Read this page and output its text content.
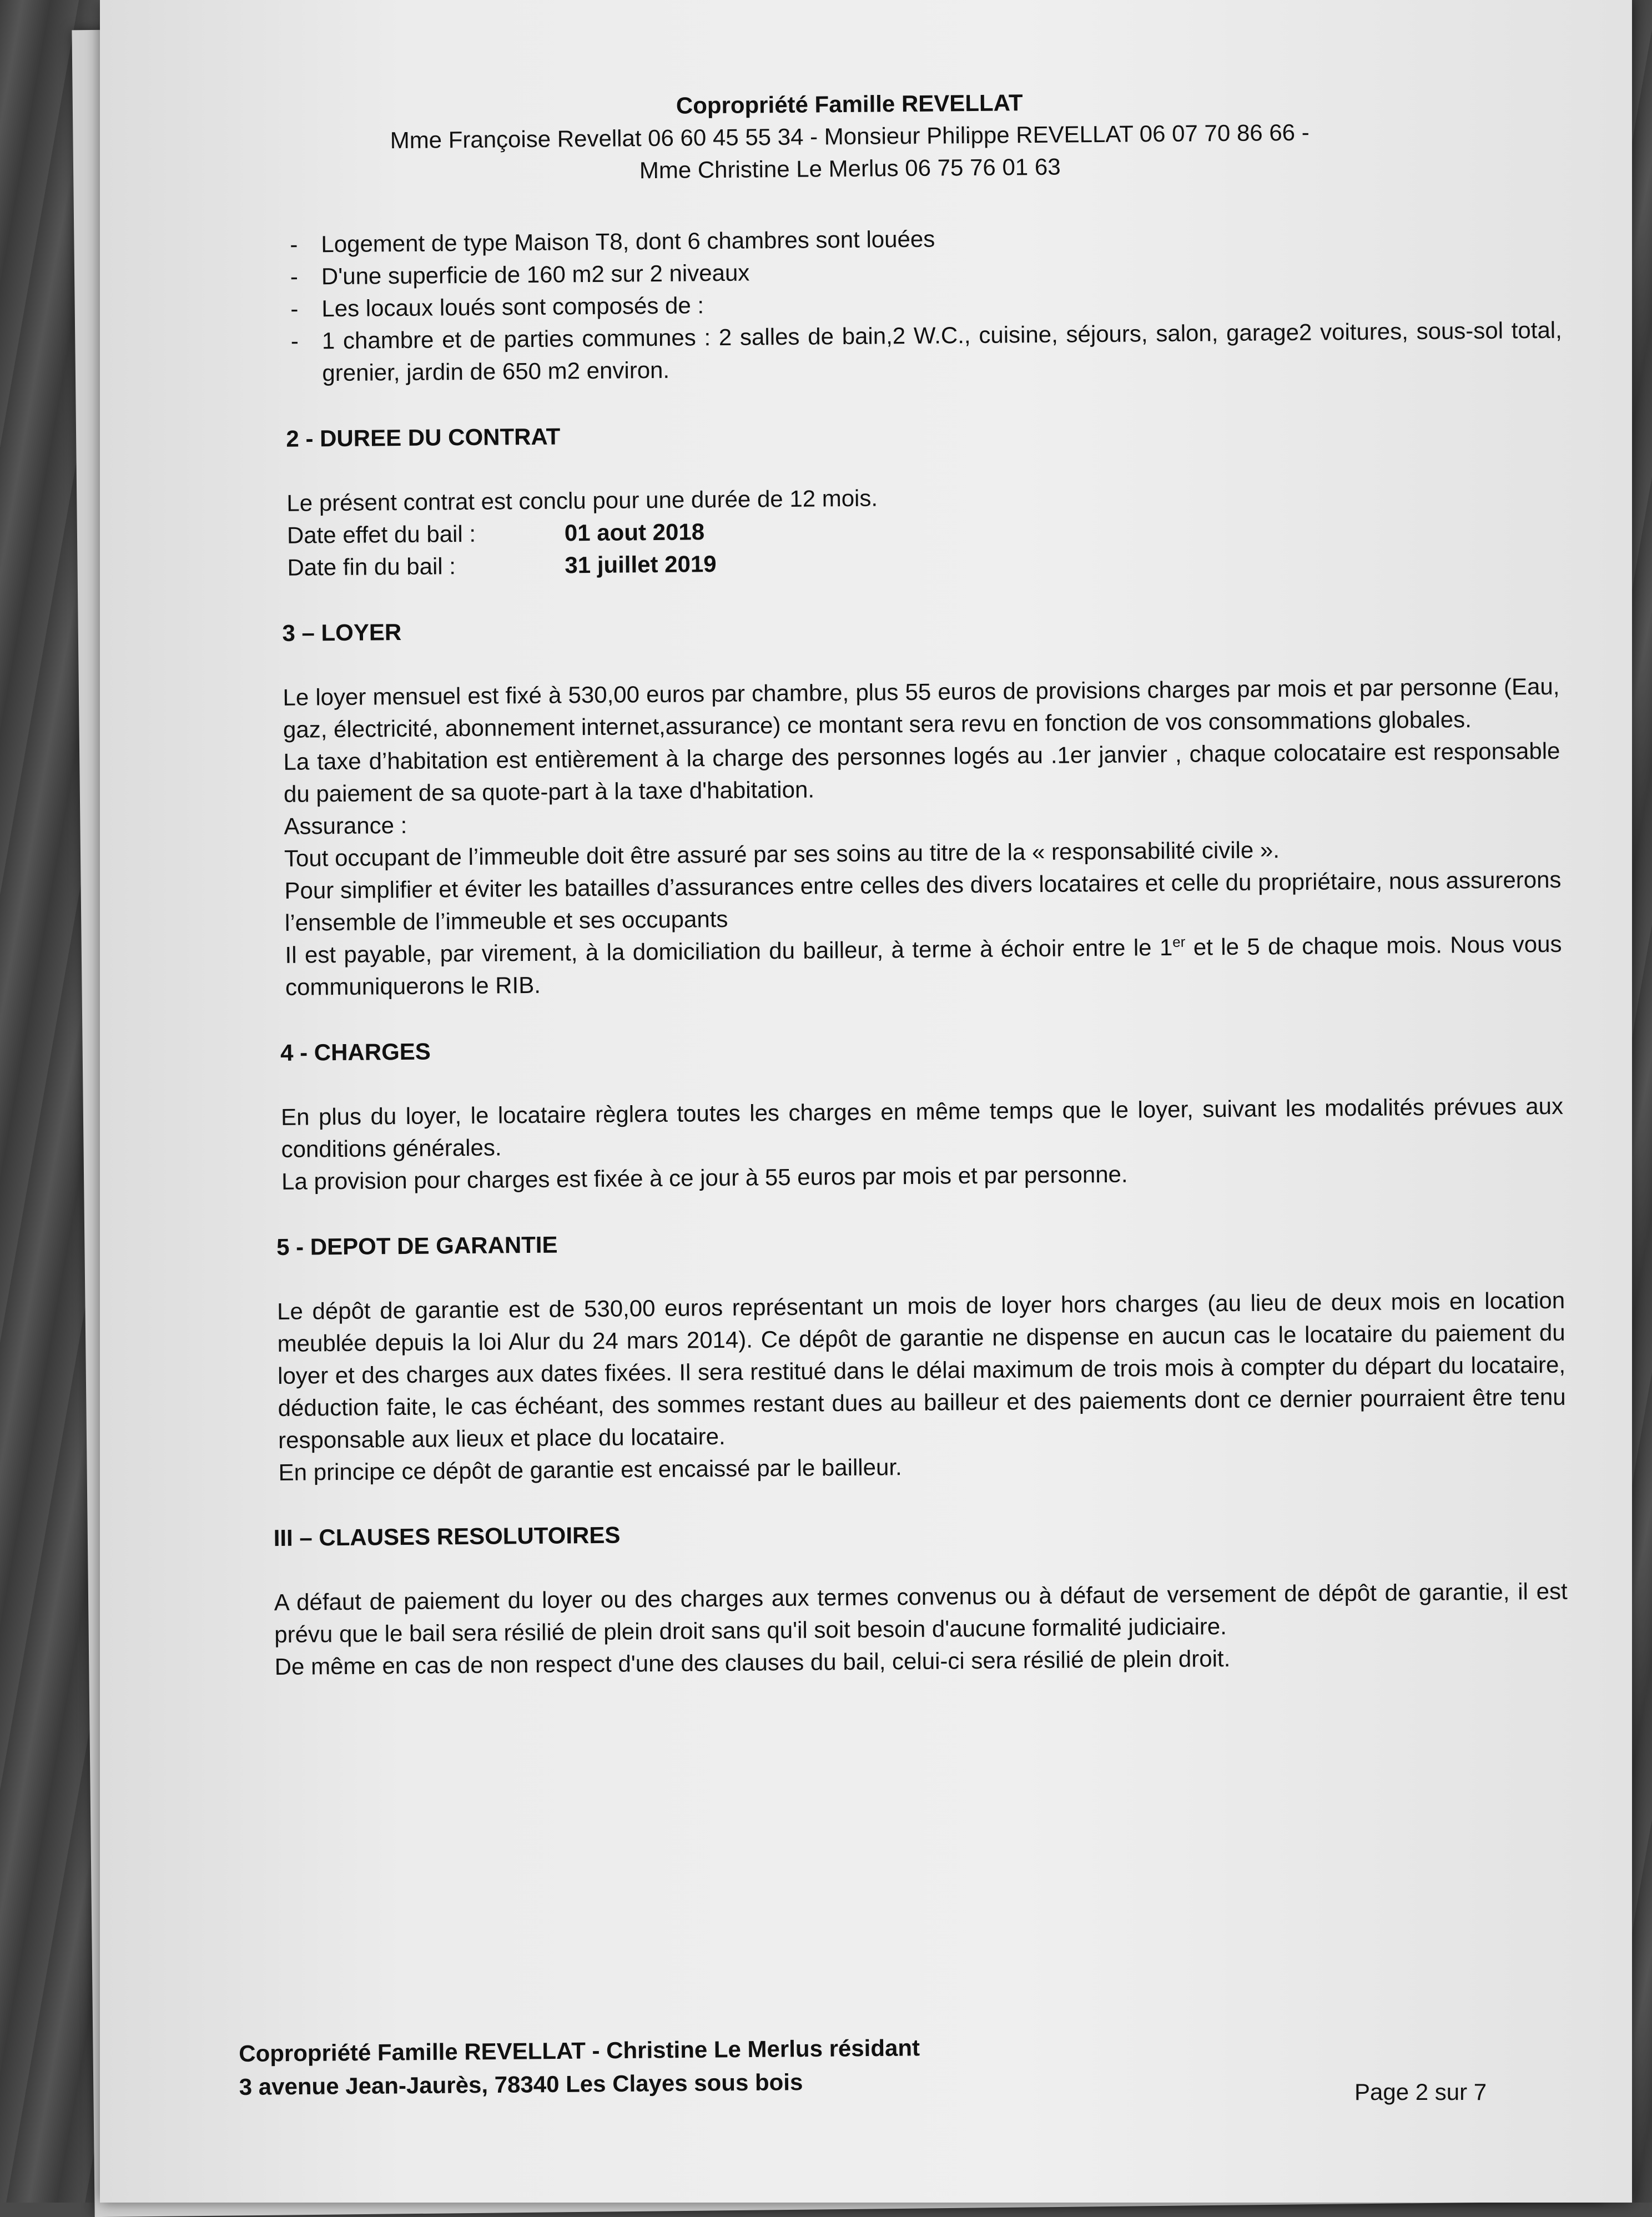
Copropriété Famille REVELLAT
Mme Françoise Revellat 06 60 45 55 34 - Monsieur Philippe REVELLAT 06 07 70 86 66 -
Mme Christine Le Merlus 06 75 76 01 63
- Logement de type Maison T8, dont 6 chambres sont louées
- D'une superficie de 160 m2 sur 2 niveaux
- Les locaux loués sont composés de :
- 1 chambre et de parties communes : 2 salles de bain,2 W.C., cuisine, séjours, salon, garage2 voitures, sous-sol total, grenier, jardin de 650 m2 environ.
2 - DUREE DU CONTRAT
Le présent contrat est conclu pour une durée de 12 mois.
Date effet du bail :	01 aout 2018
Date fin du bail :	31 juillet 2019
3 – LOYER
Le loyer mensuel est fixé à 530,00 euros par chambre, plus 55 euros de provisions charges par mois et par personne (Eau, gaz, électricité, abonnement internet,assurance) ce montant sera revu en fonction de vos consommations globales.
La taxe d’habitation est entièrement à la charge des personnes logés au .1er janvier , chaque colocataire est responsable du paiement de sa quote-part à la taxe d'habitation.
Assurance :
Tout occupant de l’immeuble doit être assuré par ses soins au titre de la « responsabilité civile ».
Pour simplifier et éviter les batailles d’assurances entre celles des divers locataires et celle du propriétaire, nous assurerons l’ensemble de l’immeuble et ses occupants
Il est payable, par virement, à la domiciliation du bailleur, à terme à échoir entre le 1er et le 5 de chaque mois. Nous vous communiquerons le RIB.
4 - CHARGES
En plus du loyer, le locataire règlera toutes les charges en même temps que le loyer, suivant les modalités prévues aux conditions générales.
La provision pour charges est fixée à ce jour à 55 euros par mois et par personne.
5 - DEPOT DE GARANTIE
Le dépôt de garantie est de 530,00 euros représentant un mois de loyer hors charges (au lieu de deux mois en location meublée depuis la loi Alur du 24 mars 2014). Ce dépôt de garantie ne dispense en aucun cas le locataire du paiement du loyer et des charges aux dates fixées. Il sera restitué dans le délai maximum de trois mois à compter du départ du locataire, déduction faite, le cas échéant, des sommes restant dues au bailleur et des paiements dont ce dernier pourraient être tenu responsable aux lieux et place du locataire.
En principe ce dépôt de garantie est encaissé par le bailleur.
III – CLAUSES RESOLUTOIRES
A défaut de paiement du loyer ou des charges aux termes convenus ou à défaut de versement de dépôt de garantie, il est prévu que le bail sera résilié de plein droit sans qu'il soit besoin d'aucune formalité judiciaire.
De même en cas de non respect d'une des clauses du bail, celui-ci sera résilié de plein droit.
Copropriété Famille REVELLAT - Christine Le Merlus résidant
3 avenue Jean-Jaurès, 78340 Les Clayes sous bois	Page 2 sur 7
